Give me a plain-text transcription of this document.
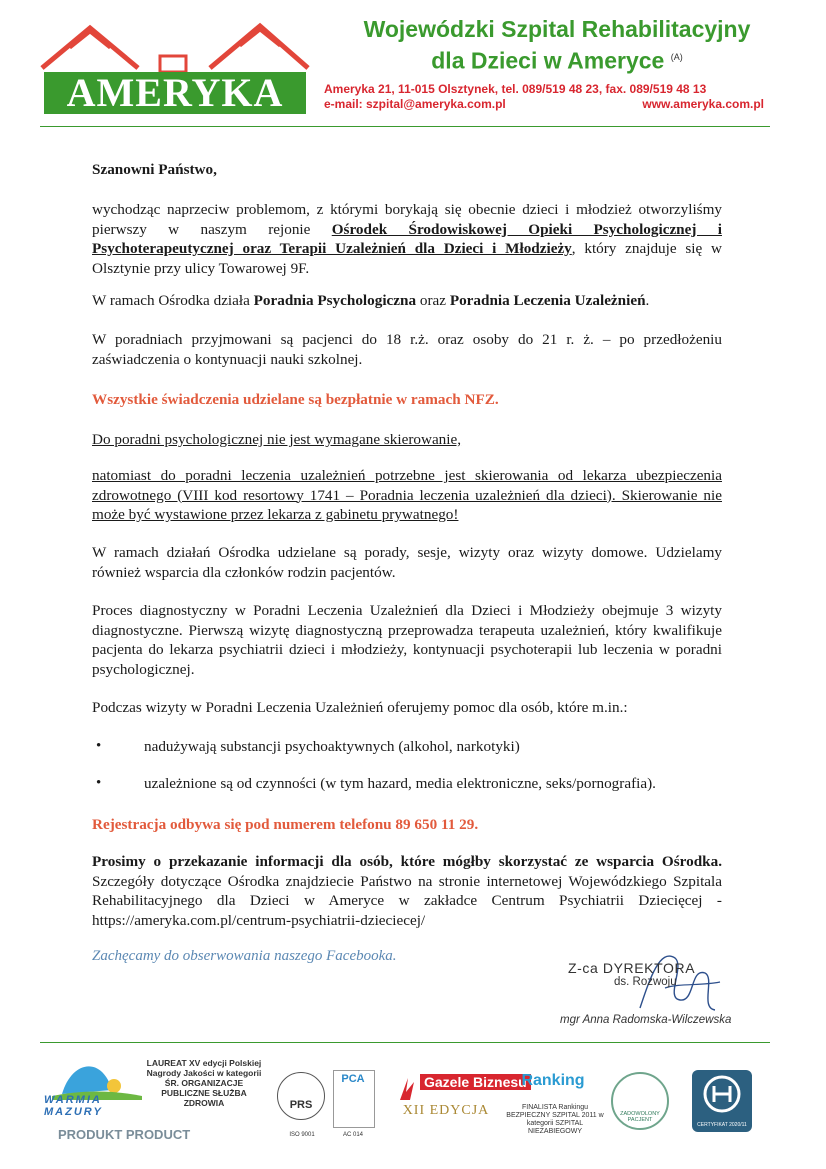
AMERYKA
Wojewódzki Szpital Rehabilitacyjny
dla Dzieci w Ameryce $^{(A)}$
Ameryka 21, 11-015 Olsztynek, tel. 089/519 48 23, fax. 089/519 48 13
e-mail: szpital@ameryka.com.pl	www.ameryka.com.pl
Szanowni Państwo,
wychodząc naprzeciw problemom, z którymi borykają się obecnie dzieci i młodzież otworzyliśmy pierwszy w naszym rejonie Ośrodek Środowiskowej Opieki Psychologicznej i Psychoterapeutycznej oraz Terapii Uzależnień dla Dzieci i Młodzieży, który znajduje się w Olsztynie przy ulicy Towarowej 9F.
W ramach Ośrodka działa Poradnia Psychologiczna oraz Poradnia Leczenia Uzależnień.
W poradniach przyjmowani są pacjenci do 18 r.ż. oraz osoby do 21 r. ż. – po przedłożeniu zaświadczenia o kontynuacji nauki szkolnej.
Wszystkie świadczenia udzielane są bezpłatnie w ramach NFZ.
Do poradni psychologicznej nie jest wymagane skierowanie,
natomiast do poradni leczenia uzależnień potrzebne jest skierowania od lekarza ubezpieczenia zdrowotnego (VIII kod resortowy 1741 – Poradnia leczenia uzależnień dla dzieci). Skierowanie nie może być wystawione przez lekarza z gabinetu prywatnego!
W ramach działań Ośrodka udzielane są porady, sesje, wizyty oraz wizyty domowe. Udzielamy również wsparcia dla członków rodzin pacjentów.
Proces diagnostyczny w Poradni Leczenia Uzależnień dla Dzieci i Młodzieży obejmuje 3 wizyty diagnostyczne. Pierwszą wizytę diagnostyczną przeprowadza terapeuta uzależnień, który kwalifikuje pacjenta do lekarza psychiatrii dzieci i młodzieży, kontynuacji psychoterapii lub leczenia w poradni psychologicznej.
Podczas wizyty w Poradni Leczenia Uzależnień oferujemy pomoc dla osób, które m.in.:
•	nadużywają substancji psychoaktywnych (alkohol, narkotyki)
•	uzależnione są od czynności (w tym hazard, media elektroniczne, seks/pornografia).
Rejestracja odbywa się pod numerem telefonu 89 650 11 29.
Prosimy o przekazanie informacji dla osób, które mógłby skorzystać ze wsparcia Ośrodka. Szczegóły dotyczące Ośrodka znajdziecie Państwo na stronie internetowej Wojewódzkiego Szpitala Rehabilitacyjnego dla Dzieci w Ameryce w zakładce Centrum Psychiatrii Dziecięcej - https://ameryka.com.pl/centrum-psychiatrii-dzieciecej/
Zachęcamy do obserwowania naszego Facebooka.
Z-ca DYREKTORA
ds. Rozwoju
mgr Anna Radomska-Wilczewska
WARMIA MAZURY
PRODUKT PRODUCT
LAUREAT XV edycji Polskiej Nagrody Jakości w kategorii ŚR. ORGANIZACJE PUBLICZNE SŁUŻBA ZDROWIA	PRS
ISO 9001
PCA
AC 014
Gazele Biznesu
XII EDYCJA
Ranking
FINALISTA Rankingu BEZPIECZNY SZPITAL 2011 w kategorii SZPITAL NIEZABIEGOWY
ZADOWOLONY PACJENT
CERTYFIKAT 2020/11
